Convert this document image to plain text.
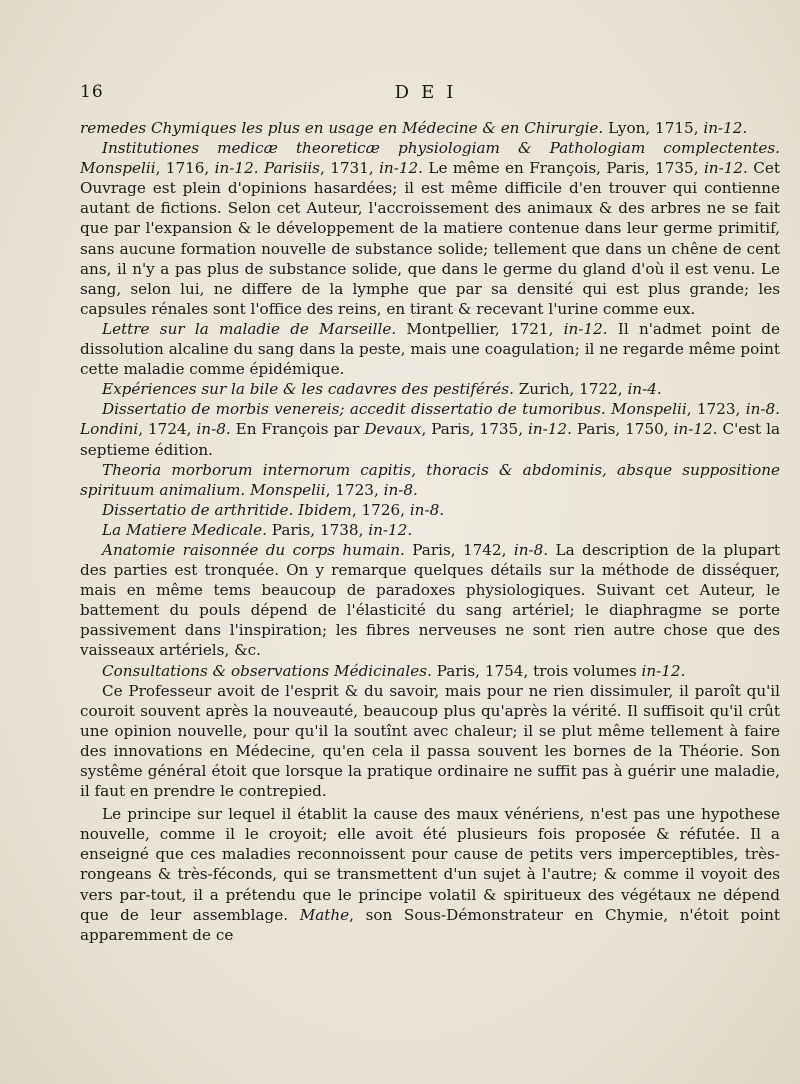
16	DEI

remedes Chymiques les plus en usage en Médecine & en Chirurgie. Lyon, 1715, in-12.

Institutiones medicæ theoreticæ physiologiam & Pathologiam complectentes. Monspelii, 1716, in-12. Parisiis, 1731, in-12. Le même en François, Paris, 1735, in-12. Cet Ouvrage est plein d'opinions hasardées; il est même difficile d'en trouver qui contienne autant de fictions. Selon cet Auteur, l'accroissement des animaux & des arbres ne se fait que par l'expansion & le développement de la matiere contenue dans leur germe primitif, sans aucune formation nouvelle de substance solide; tellement que dans un chêne de cent ans, il n'y a pas plus de substance solide, que dans le germe du gland d'où il est venu. Le sang, selon lui, ne differe de la lymphe que par sa densité qui est plus grande; les capsules rénales sont l'office des reins, en tirant & recevant l'urine comme eux.

Lettre sur la maladie de Marseille. Montpellier, 1721, in-12. Il n'admet point de dissolution alcaline du sang dans la peste, mais une coagulation; il ne regarde même point cette maladie comme épidémique.

Expériences sur la bile & les cadavres des pestiférés. Zurich, 1722, in-4.

Dissertatio de morbis venereis; accedit dissertatio de tumoribus. Monspelii, 1723, in-8. Londini, 1724, in-8. En François par Devaux, Paris, 1735, in-12. Paris, 1750, in-12. C'est la septieme édition.

Theoria morborum internorum capitis, thoracis & abdominis, absque suppositione spirituum animalium. Monspelii, 1723, in-8.

Dissertatio de arthritide. Ibidem, 1726, in-8.

La Matiere Medicale. Paris, 1738, in-12.

Anatomie raisonnée du corps humain. Paris, 1742, in-8. La description de la plupart des parties est tronquée. On y remarque quelques détails sur la méthode de disséquer, mais en même tems beaucoup de paradoxes physiologiques. Suivant cet Auteur, le battement du pouls dépend de l'élasticité du sang artériel; le diaphragme se porte passivement dans l'inspiration; les fibres nerveuses ne sont rien autre chose que des vaisseaux artériels, &c.

Consultations & observations Médicinales. Paris, 1754, trois volumes in-12.

Ce Professeur avoit de l'esprit & du savoir, mais pour ne rien dissimuler, il paroît qu'il couroit souvent après la nouveauté, beaucoup plus qu'après la vérité. Il suffisoit qu'il crût une opinion nouvelle, pour qu'il la soutînt avec chaleur; il se plut même tellement à faire des innovations en Médecine, qu'en cela il passa souvent les bornes de la Théorie. Son systême général étoit que lorsque la pratique ordinaire ne suffit pas à guérir une maladie, il faut en prendre le contrepied.

Le principe sur lequel il établit la cause des maux vénériens, n'est pas une hypothese nouvelle, comme il le croyoit; elle avoit été plusieurs fois proposée & réfutée. Il a enseigné que ces maladies reconnoissent pour cause de petits vers imperceptibles, très-rongeans & très-féconds, qui se transmettent d'un sujet à l'autre; & comme il voyoit des vers par-tout, il a prétendu que le principe volatil & spiritueux des végétaux ne dépend que de leur assemblage. Mathe, son Sous-Démonstrateur en Chymie, n'étoit point apparemment de ce
